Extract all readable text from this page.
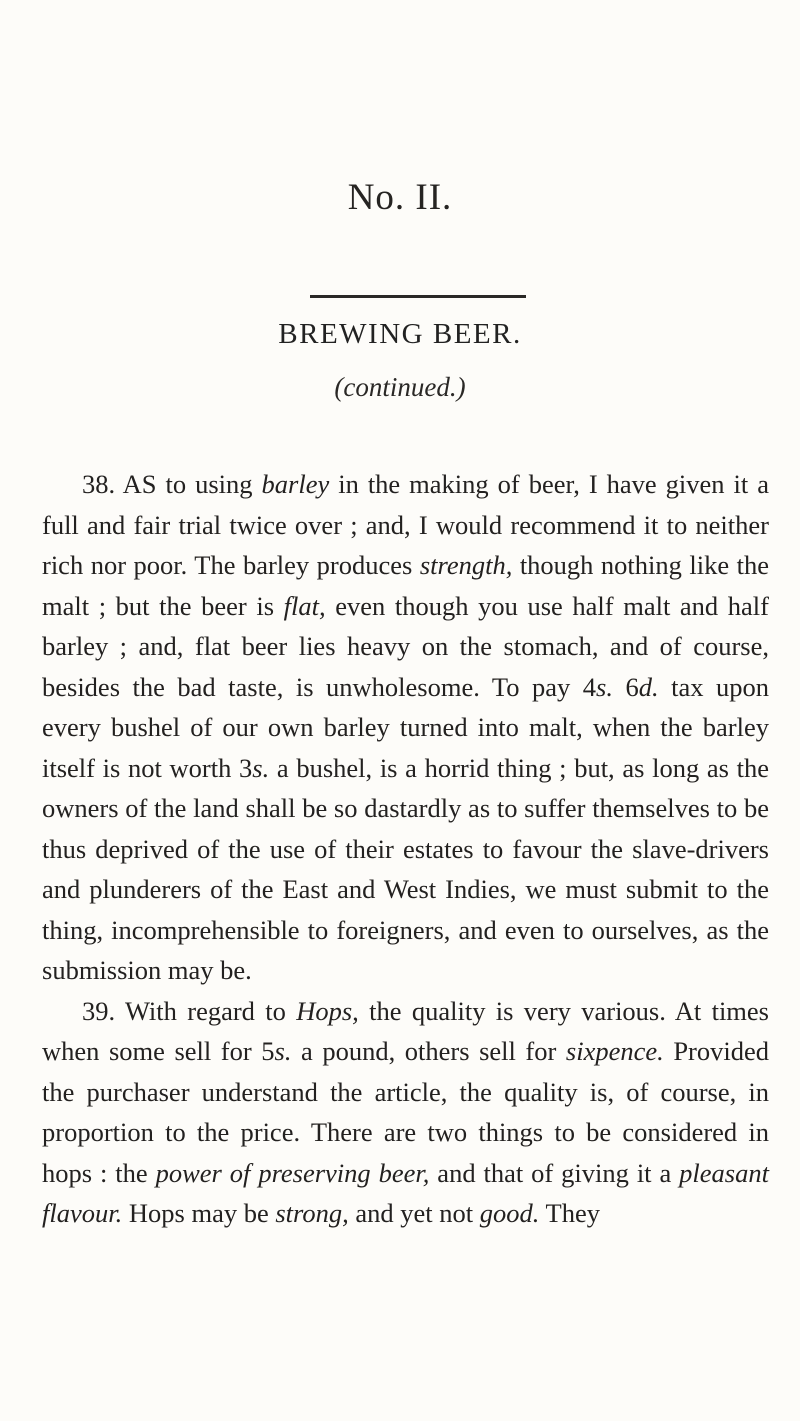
No. II.
BREWING BEER.
(continued.)

38. AS to using barley in the making of beer, I have given it a full and fair trial twice over ; and, I would recommend it to neither rich nor poor. The barley produces strength, though nothing like the malt ; but the beer is flat, even though you use half malt and half barley ; and, flat beer lies heavy on the stomach, and of course, besides the bad taste, is unwholesome. To pay 4s. 6d. tax upon every bushel of our own barley turned into malt, when the barley itself is not worth 3s. a bushel, is a horrid thing ; but, as long as the owners of the land shall be so dastardly as to suffer themselves to be thus deprived of the use of their estates to favour the slave-drivers and plunderers of the East and West Indies, we must submit to the thing, incomprehensible to foreigners, and even to ourselves, as the submission may be.

39. With regard to Hops, the quality is very various. At times when some sell for 5s. a pound, others sell for sixpence. Provided the purchaser understand the article, the quality is, of course, in proportion to the price. There are two things to be considered in hops : the power of preserving beer, and that of giving it a pleasant flavour. Hops may be strong, and yet not good. They
